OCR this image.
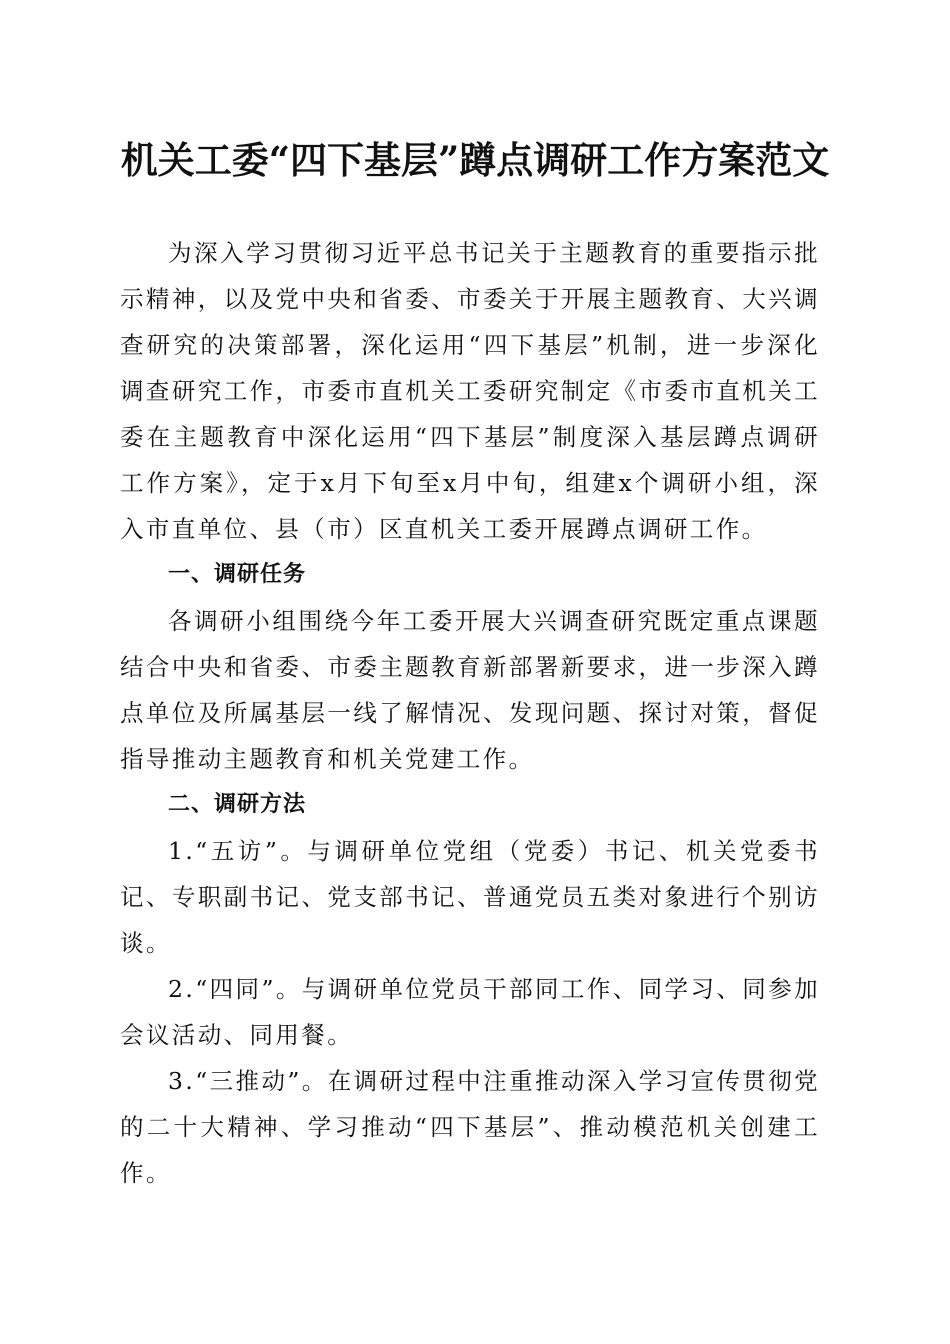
机关工委“四下基层”蹲点调研工作方案范文

为深入学习贯彻习近平总书记关于主题教育的重要指示批示精神，以及党中央和省委、市委关于开展主题教育、大兴调查研究的决策部署，深化运用“四下基层”机制，进一步深化调查研究工作，市委市直机关工委研究制定《市委市直机关工委在主题教育中深化运用“四下基层”制度深入基层蹲点调研工作方案》，定于x月下旬至x月中旬，组建x个调研小组，深入市直单位、县（市）区直机关工委开展蹲点调研工作。

一、调研任务

各调研小组围绕今年工委开展大兴调查研究既定重点课题结合中央和省委、市委主题教育新部署新要求，进一步深入蹲点单位及所属基层一线了解情况、发现问题、探讨对策，督促指导推动主题教育和机关党建工作。

二、调研方法

1.“五访”。与调研单位党组（党委）书记、机关党委书记、专职副书记、党支部书记、普通党员五类对象进行个别访谈。

2.“四同”。与调研单位党员干部同工作、同学习、同参加会议活动、同用餐。

3.“三推动”。在调研过程中注重推动深入学习宣传贯彻党的二十大精神、学习推动“四下基层”、推动模范机关创建工作。
